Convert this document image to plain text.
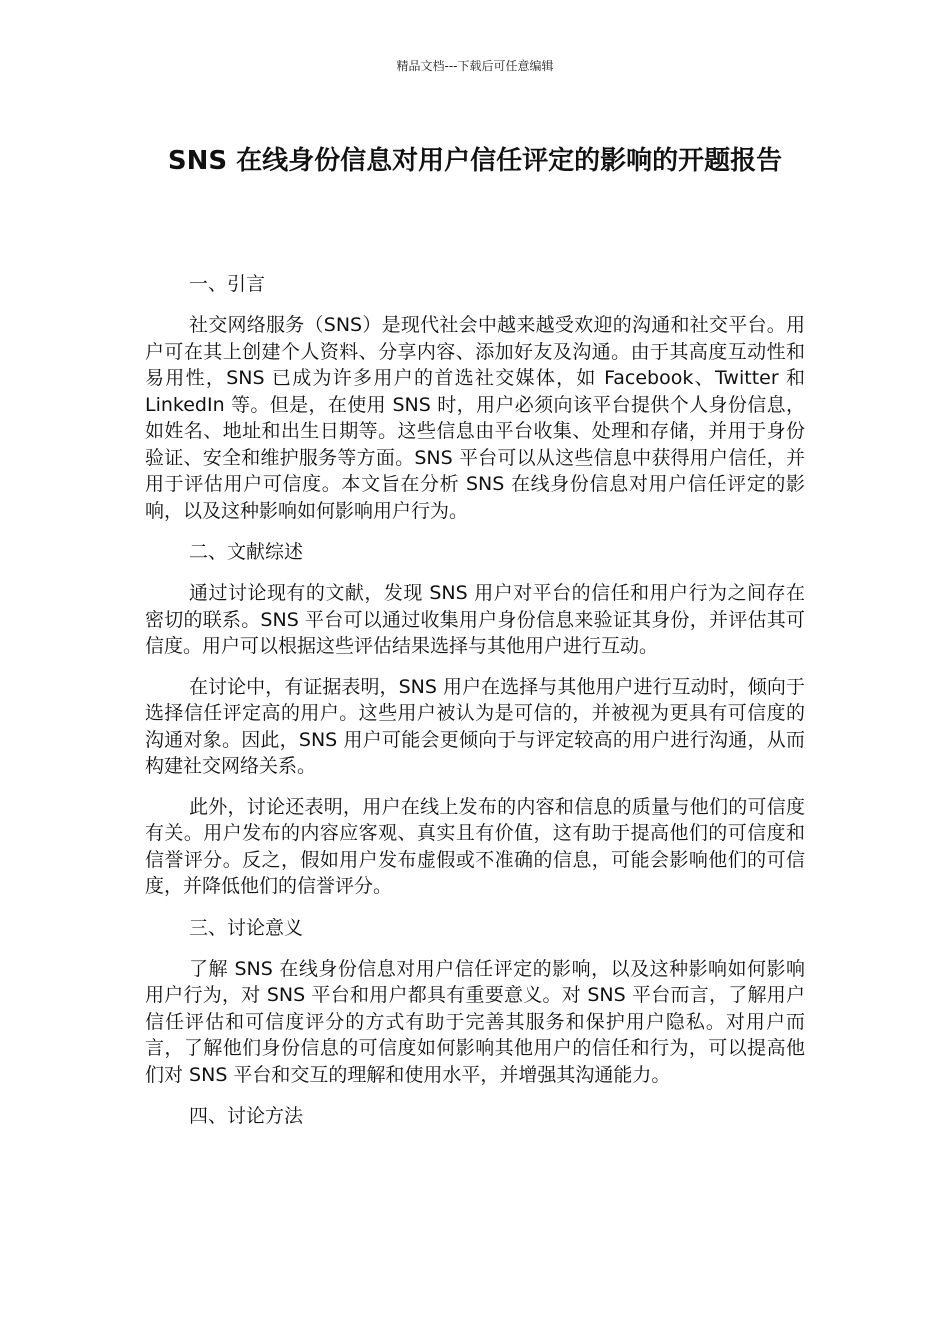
精品文档---下载后可任意编辑
SNS 在线身份信息对用户信任评定的影响的开题报告

一、引言

社交网络服务（SNS）是现代社会中越来越受欢迎的沟通和社交平台。用户可在其上创建个人资料、分享内容、添加好友及沟通。由于其高度互动性和易用性，SNS 已成为许多用户的首选社交媒体，如 Facebook、Twitter 和 LinkedIn 等。但是，在使用 SNS 时，用户必须向该平台提供个人身份信息，如姓名、地址和出生日期等。这些信息由平台收集、处理和存储，并用于身份验证、安全和维护服务等方面。SNS 平台可以从这些信息中获得用户信任，并用于评估用户可信度。本文旨在分析 SNS 在线身份信息对用户信任评定的影响，以及这种影响如何影响用户行为。

二、文献综述

通过讨论现有的文献，发现 SNS 用户对平台的信任和用户行为之间存在密切的联系。SNS 平台可以通过收集用户身份信息来验证其身份，并评估其可信度。用户可以根据这些评估结果选择与其他用户进行互动。

在讨论中，有证据表明，SNS 用户在选择与其他用户进行互动时，倾向于选择信任评定高的用户。这些用户被认为是可信的，并被视为更具有可信度的沟通对象。因此，SNS 用户可能会更倾向于与评定较高的用户进行沟通，从而构建社交网络关系。

此外，讨论还表明，用户在线上发布的内容和信息的质量与他们的可信度有关。用户发布的内容应客观、真实且有价值，这有助于提高他们的可信度和信誉评分。反之，假如用户发布虚假或不准确的信息，可能会影响他们的可信度，并降低他们的信誉评分。

三、讨论意义

了解 SNS 在线身份信息对用户信任评定的影响，以及这种影响如何影响用户行为，对 SNS 平台和用户都具有重要意义。对 SNS 平台而言，了解用户信任评估和可信度评分的方式有助于完善其服务和保护用户隐私。对用户而言，了解他们身份信息的可信度如何影响其他用户的信任和行为，可以提高他们对 SNS 平台和交互的理解和使用水平，并增强其沟通能力。

四、讨论方法
